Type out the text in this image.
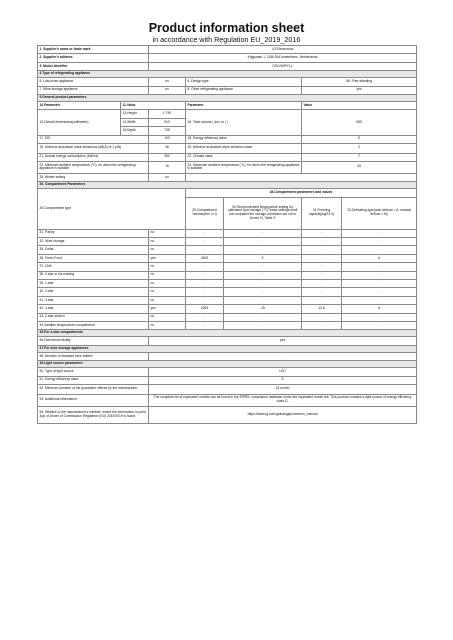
Product information sheet
in accordance with Regulation EU_2019_2016
1. Supplier's name or trade mark		LG Electronics				
2. Supplier's address		Krijgsman 1, 1186 DM Amstelveen, Netherlands				
3. Model identifier		GSLV60PYLL				
4.Type of refrigerating appliance						
5. Low-noise appliance		no	6. Design type		56. Free-standing	
7. Wine storage appliance		no	8. Other refrigerating appliance		yes	
9.General product parameters						
10.Parameter	11.Value		Parameter		Value	
12.Overall dimensions(millimetre)	13.Height	1,790	16. Total volume ( dm³ or l )		655	
	14.Width	913				
	15.Depth	735				
17. EEI		100	18. Energy efficiency class		E	
19. Airborne acoustical noise emissions (dB(A) re 1 pW)		36	20. Airborne acoustical noise emission class		C	
21. Annual energy consumption (kWh/a)		352	22. Climate class		T	
23. Minimum ambient temperature (°C), for which the refrigerating appliance is suitable		16	24. Maximum ambient temperature (°C), for which the refrigerating appliance is suitable		43	
25. Winter setting		no				
26. Compartment Parameters						
26.Compartment type			28.Compartment parameters and values			
			29.Compartment Volume(dm³ or l)	30.Recommended temperature setting for optimised food storage (°C)These settings shall not contradict the storage conditions set out in Annex IV, Table 3	31.Freezing capacity(kg/24 h)	32.Defrosting type(auto-defrost = A, manual defrost = M)
31. Pantry		no	-	-	-	-
32. Wine storage		no	-	-	-	-
35. Cellar		no	-	-	-	-
36. Fresh Food		yes	4302	3	-	A
37. Chill		no	-	-	-	-
38. 0-star or ice-making		no	-	-	-	-
39. 1-star		no	-	-	-	-
40. 2-star		no	-	-	-	-
41. 3-star		no	-	-	-	-
42. 4-star		yes	2263	-19	12.8	A
43. 2-star section		no	-	-	-	-
44.Variable temperature compartment		no	-	-	-	-
45.For 4-star compartments						
46.Fast freeze facility		yes				
47.For wine storage appliances						
48. Number of standard wine bottles		-				
49.Light source parameters						
50. Type of light source		LED				
51. Energy efficiency class		G				
52. Minimum duration of the guarantee offered by the manufacturer		24 month				
53. Additional information:		The complete list of equivalent models can be found in the EPREL compliance database under the equivalent model tab. This product contains a light source of energy efficiency class G.				
54. Weblink to the manufacturer's website, where the information in point 4(a) of Annex of Commission Regulation (EU) 2019/2019 is found		https://www.lg.com/global/gap/common_manual				
